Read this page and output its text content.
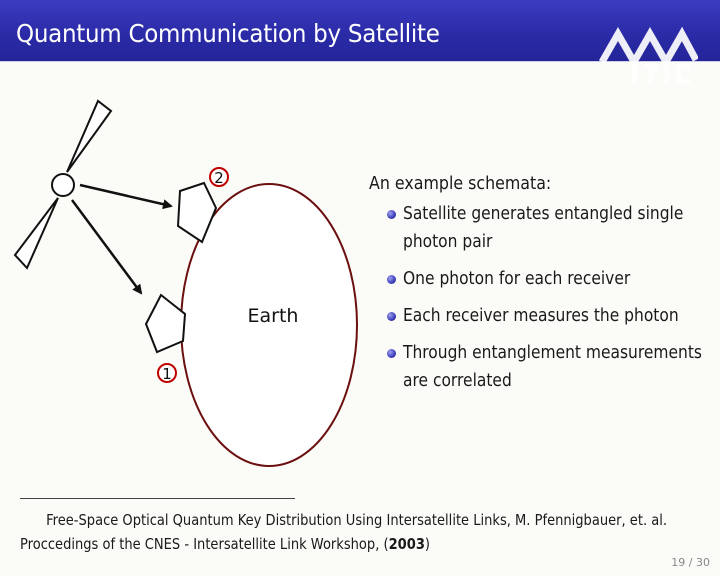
Quantum Communication by Satellite
Earth
2
1
An example schemata:
Satellite generates entangled single photon pair
One photon for each receiver
Each receiver measures the photon
Through entanglement measurements are correlated
Free-Space Optical Quantum Key Distribution Using Intersatellite Links, M. Pfennigbauer, et. al.
Proccedings of the CNES - Intersatellite Link Workshop, (2003)
19 / 30
